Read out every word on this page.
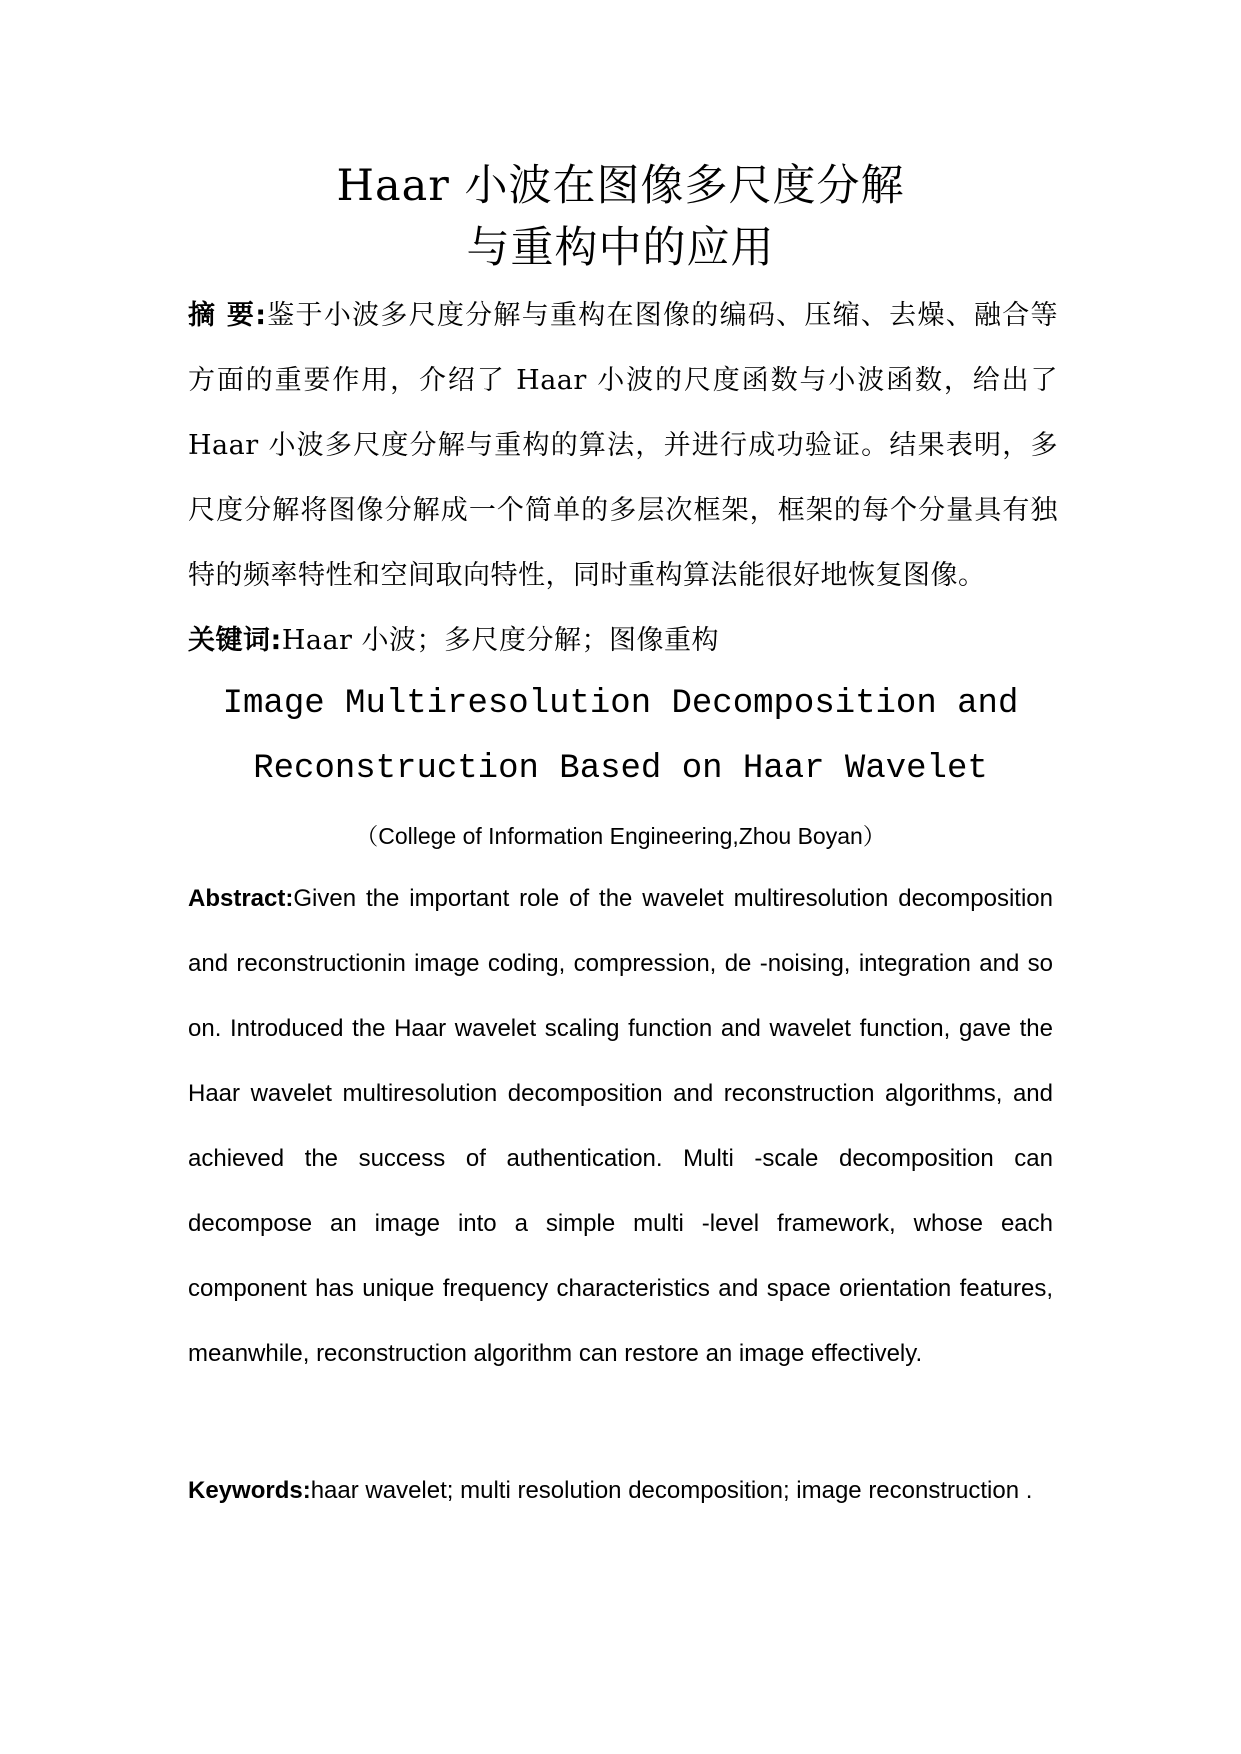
Haar 小波在图像多尺度分解
与重构中的应用
摘 要:鉴于小波多尺度分解与重构在图像的编码、压缩、去燥、融合等方面的重要作用，介绍了 Haar 小波的尺度函数与小波函数，给出了 Haar 小波多尺度分解与重构的算法，并进行成功验证。结果表明，多尺度分解将图像分解成一个简单的多层次框架，框架的每个分量具有独特的频率特性和空间取向特性，同时重构算法能很好地恢复图像。
关键词:Haar 小波；多尺度分解；图像重构
Image Multiresolution Decomposition and
Reconstruction Based on Haar Wavelet
（College of Information Engineering,Zhou Boyan）
Abstract:Given the important role of the wavelet multiresolution decomposition and reconstructionin image coding, compression, de -noising, integration and so on. Introduced the Haar wavelet scaling function and wavelet function, gave the Haar wavelet multiresolution decomposition and reconstruction algorithms, and achieved the success of authentication. Multi -scale decomposition can decompose an image into a simple multi -level framework, whose each component has unique frequency characteristics and space orientation features, meanwhile, reconstruction algorithm can restore an image effectively.
Keywords:haar wavelet; multi resolution decomposition; image reconstruction .
